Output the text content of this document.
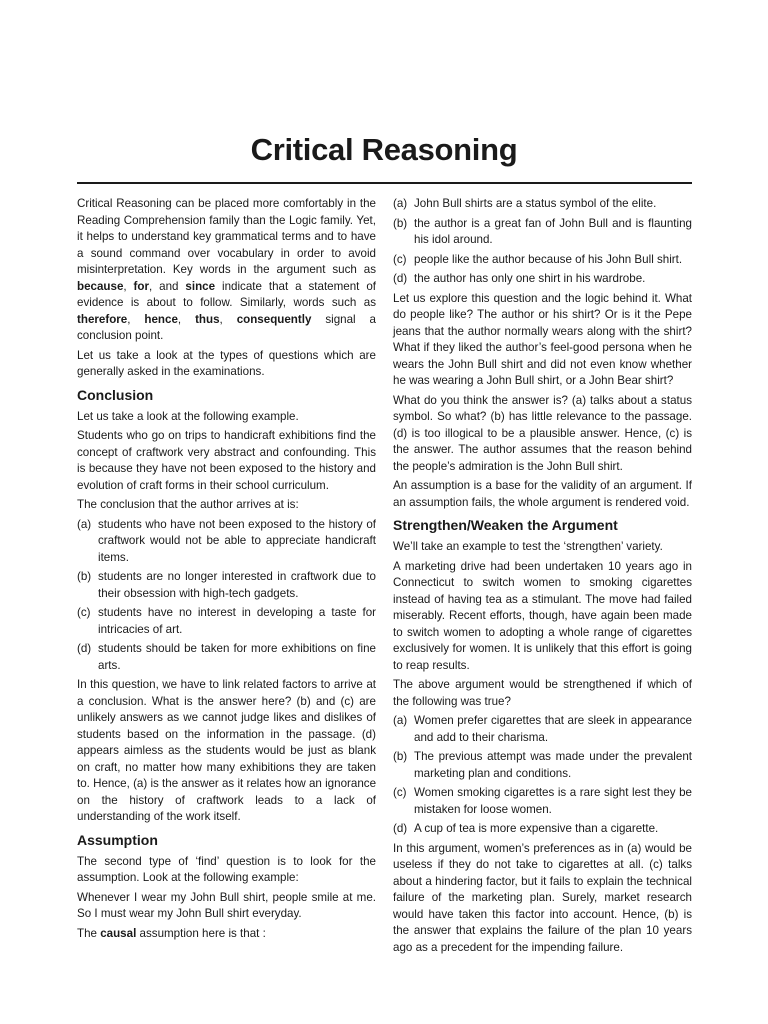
Critical Reasoning

Critical Reasoning can be placed more comfortably in the Reading Comprehension family than the Logic family. Yet, it helps to understand key grammatical terms and to have a sound command over vocabulary in order to avoid misinterpretation. Key words in the argument such as because, for, and since indicate that a statement of evidence is about to follow. Similarly, words such as therefore, hence, thus, consequently signal a conclusion point.

Let us take a look at the types of questions which are generally asked in the examinations.

Conclusion

Let us take a look at the following example.

Students who go on trips to handicraft exhibitions find the concept of craftwork very abstract and confounding. This is because they have not been exposed to the history and evolution of craft forms in their school curriculum.

The conclusion that the author arrives at is:

(a) students who have not been exposed to the history of craftwork would not be able to appreciate handicraft items.
(b) students are no longer interested in craftwork due to their obsession with high-tech gadgets.
(c) students have no interest in developing a taste for intricacies of art.
(d) students should be taken for more exhibitions on fine arts.

In this question, we have to link related factors to arrive at a conclusion. What is the answer here? (b) and (c) are unlikely answers as we cannot judge likes and dislikes of students based on the information in the passage. (d) appears aimless as the students would be just as blank on craft, no matter how many exhibitions they are taken to. Hence, (a) is the answer as it relates how an ignorance on the history of craftwork leads to a lack of understanding of the work itself.

Assumption

The second type of ‘find’ question is to look for the assumption. Look at the following example:

Whenever I wear my John Bull shirt, people smile at me. So I must wear my John Bull shirt everyday.

The causal assumption here is that :

(a) John Bull shirts are a status symbol of the elite.
(b) the author is a great fan of John Bull and is flaunting his idol around.
(c) people like the author because of his John Bull shirt.
(d) the author has only one shirt in his wardrobe.

Let us explore this question and the logic behind it. What do people like? The author or his shirt? Or is it the Pepe jeans that the author normally wears along with the shirt? What if they liked the author’s feel-good persona when he wears the John Bull shirt and did not even know whether he was wearing a John Bull shirt, or a John Bear shirt?

What do you think the answer is? (a) talks about a status symbol. So what? (b) has little relevance to the passage. (d) is too illogical to be a plausible answer. Hence, (c) is the answer. The author assumes that the reason behind the people’s admiration is the John Bull shirt.

An assumption is a base for the validity of an argument. If an assumption fails, the whole argument is rendered void.

Strengthen/Weaken the Argument

We’ll take an example to test the ‘strengthen’ variety.

A marketing drive had been undertaken 10 years ago in Connecticut to switch women to smoking cigarettes instead of having tea as a stimulant. The move had failed miserably. Recent efforts, though, have again been made to switch women to adopting a whole range of cigarettes exclusively for women. It is unlikely that this effort is going to reap results.

The above argument would be strengthened if which of the following was true?

(a) Women prefer cigarettes that are sleek in appearance and add to their charisma.
(b) The previous attempt was made under the prevalent marketing plan and conditions.
(c) Women smoking cigarettes is a rare sight lest they be mistaken for loose women.
(d) A cup of tea is more expensive than a cigarette.

In this argument, women’s preferences as in (a) would be useless if they do not take to cigarettes at all. (c) talks about a hindering factor, but it fails to explain the technical failure of the marketing plan. Surely, market research would have taken this factor into account. Hence, (b) is the answer that explains the failure of the plan 10 years ago as a precedent for the impending failure.
